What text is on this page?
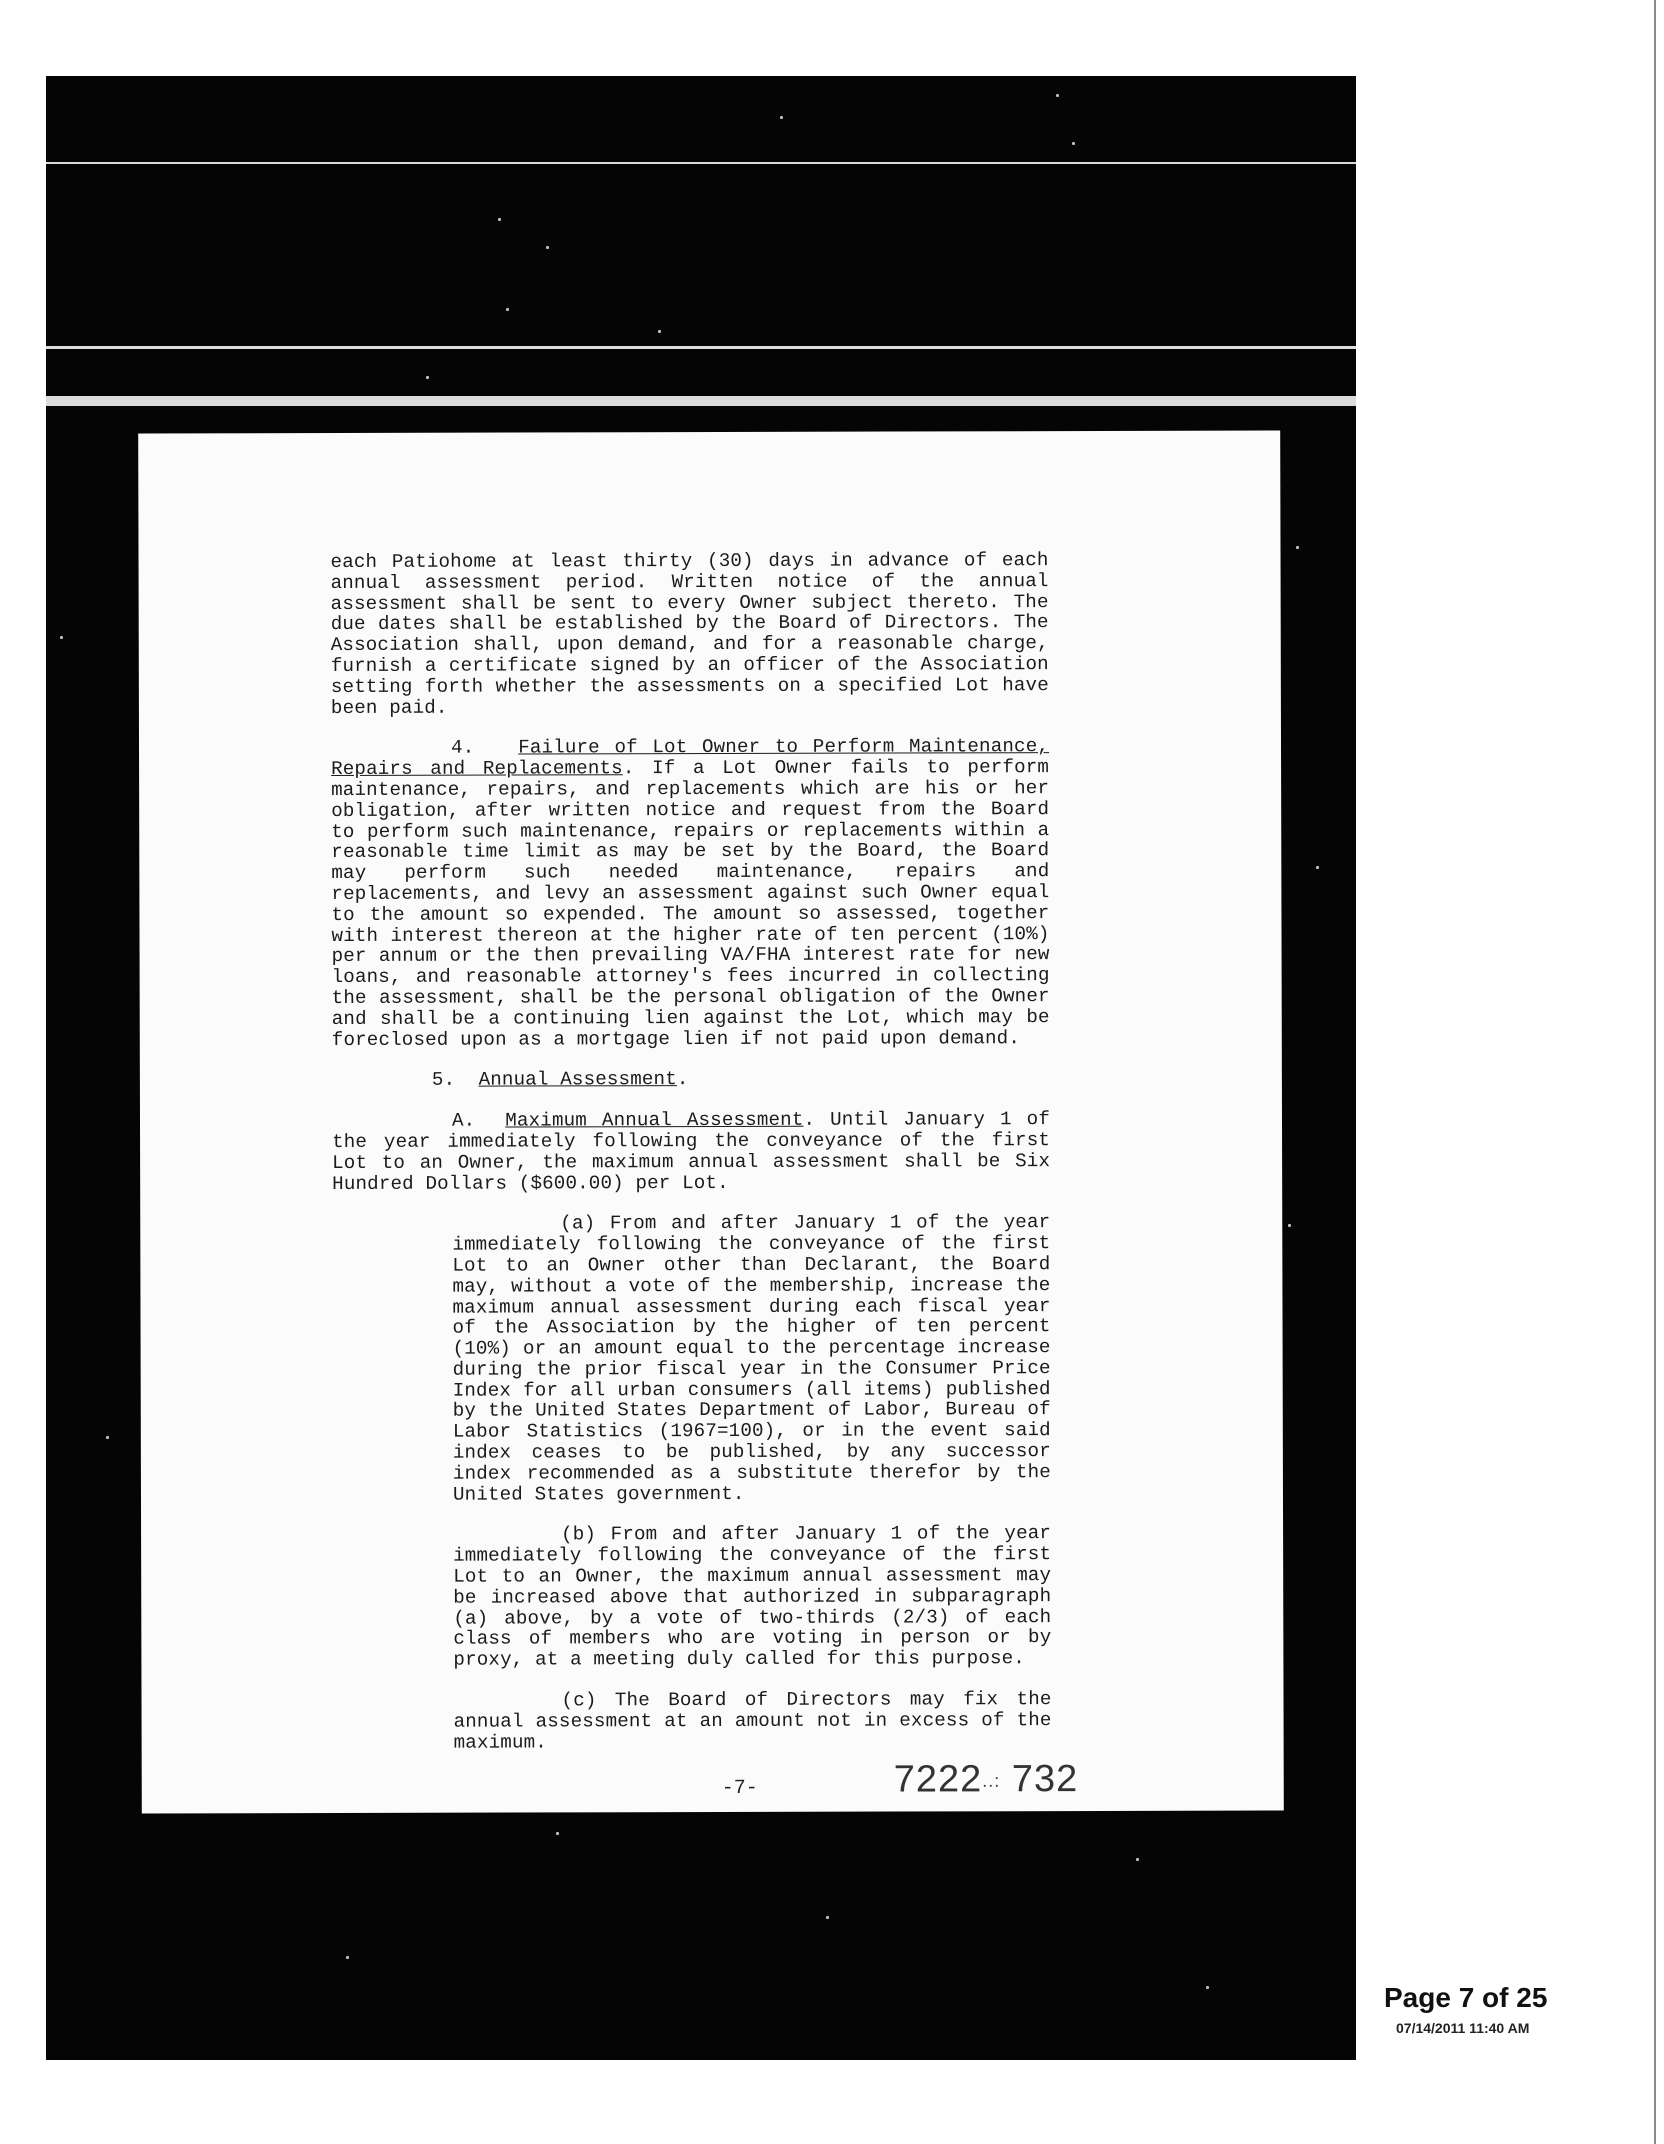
each Patiohome at least thirty (30) days in advance of each annual assessment period. Written notice of the annual assessment shall be sent to every Owner subject thereto. The due dates shall be established by the Board of Directors. The Association shall, upon demand, and for a reasonable charge, furnish a certificate signed by an officer of the Association setting forth whether the assessments on a specified Lot have been paid.

4. Failure of Lot Owner to Perform Maintenance, Repairs and Replacements. If a Lot Owner fails to perform maintenance, repairs, and replacements which are his or her obligation, after written notice and request from the Board to perform such maintenance, repairs or replacements within a reasonable time limit as may be set by the Board, the Board may perform such needed maintenance, repairs and replacements, and levy an assessment against such Owner equal to the amount so expended. The amount so assessed, together with interest thereon at the higher rate of ten percent (10%) per annum or the then prevailing VA/FHA interest rate for new loans, and reasonable attorney's fees incurred in collecting the assessment, shall be the personal obligation of the Owner and shall be a continuing lien against the Lot, which may be foreclosed upon as a mortgage lien if not paid upon demand.

5. Annual Assessment.

A. Maximum Annual Assessment. Until January 1 of the year immediately following the conveyance of the first Lot to an Owner, the maximum annual assessment shall be Six Hundred Dollars ($600.00) per Lot.

(a) From and after January 1 of the year immediately following the conveyance of the first Lot to an Owner other than Declarant, the Board may, without a vote of the membership, increase the maximum annual assessment during each fiscal year of the Association by the higher of ten percent (10%) or an amount equal to the percentage increase during the prior fiscal year in the Consumer Price Index for all urban consumers (all items) published by the United States Department of Labor, Bureau of Labor Statistics (1967=100), or in the event said index ceases to be published, by any successor index recommended as a substitute therefor by the United States government.

(b) From and after January 1 of the year immediately following the conveyance of the first Lot to an Owner, the maximum annual assessment may be increased above that authorized in subparagraph (a) above, by a vote of two-thirds (2/3) of each class of members who are voting in person or by proxy, at a meeting duly called for this purpose.

(c) The Board of Directors may fix the annual assessment at an amount not in excess of the maximum.

-7-	7222..: 732
Page 7 of 25
07/14/2011 11:40 AM
